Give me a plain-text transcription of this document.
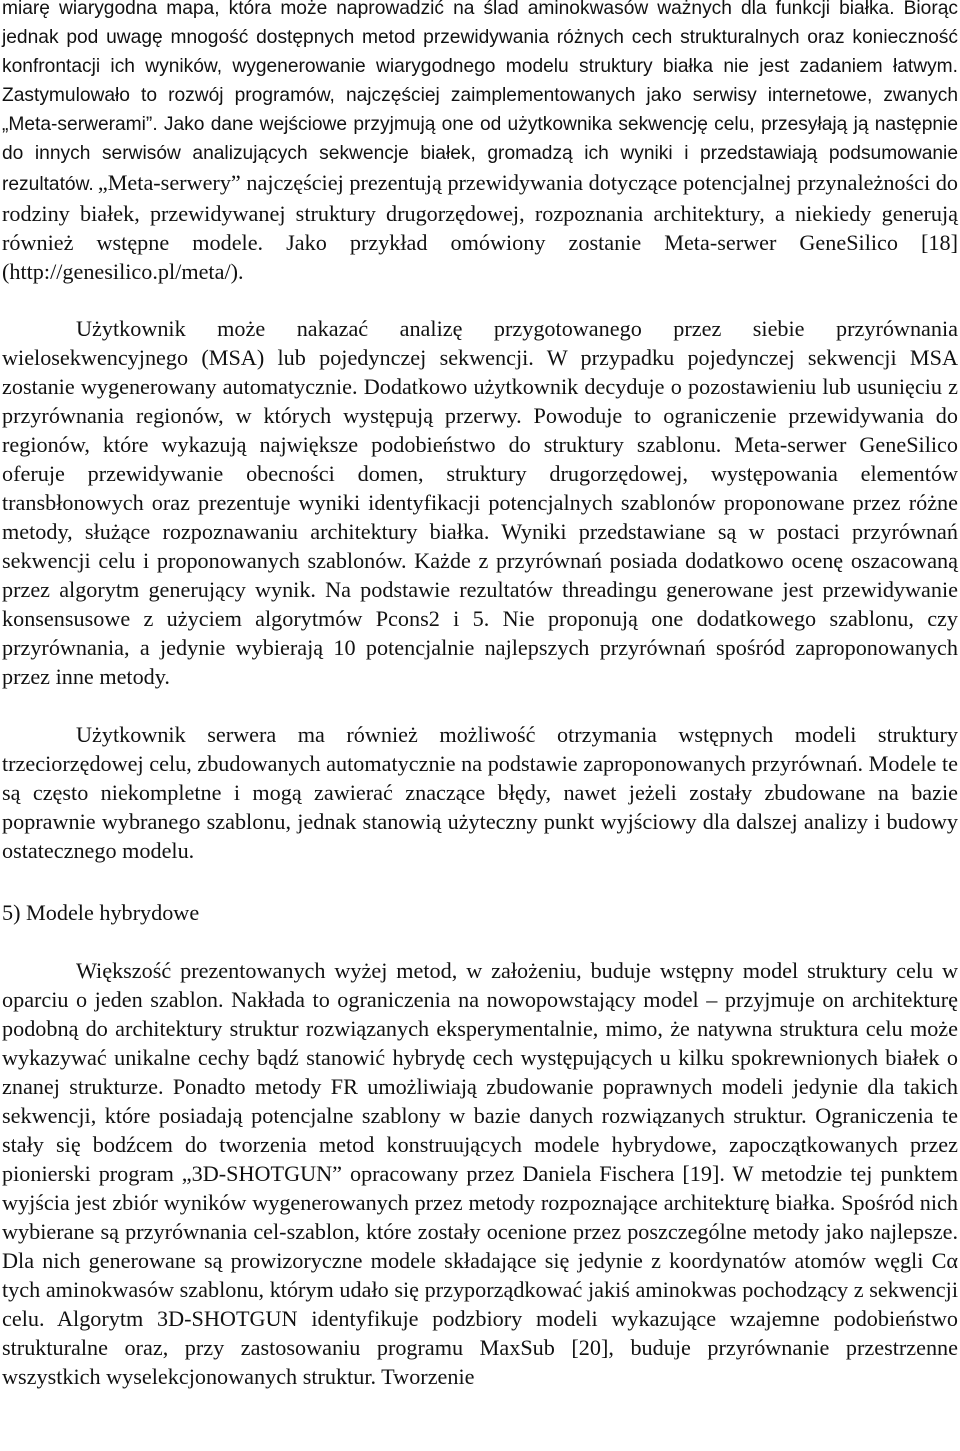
miarę wiarygodna mapa, która może naprowadzić na ślad aminokwasów ważnych dla funkcji białka. Biorąc jednak pod uwagę mnogość dostępnych metod przewidywania różnych cech strukturalnych oraz konieczność konfrontacji ich wyników, wygenerowanie wiarygodnego modelu struktury białka nie jest zadaniem łatwym. Zastymulowało to rozwój programów, najczęściej zaimplementowanych jako serwisy internetowe, zwanych „Meta-serwerami”. Jako dane wejściowe przyjmują one od użytkownika sekwencję celu, przesyłają ją następnie do innych serwisów analizujących sekwencje białek, gromadzą ich wyniki i przedstawiają podsumowanie rezultatów. „Meta-serwery” najczęściej prezentują przewidywania dotyczące potencjalnej przynależności do rodziny białek, przewidywanej struktury drugorzędowej, rozpoznania architektury, a niekiedy generują również wstępne modele. Jako przykład omówiony zostanie Meta-serwer GeneSilico [18] (http://genesilico.pl/meta/).

Użytkownik może nakazać analizę przygotowanego przez siebie przyrównania wielosekwencyjnego (MSA) lub pojedynczej sekwencji. W przypadku pojedynczej sekwencji MSA zostanie wygenerowany automatycznie. Dodatkowo użytkownik decyduje o pozostawieniu lub usunięciu z przyrównania regionów, w których występują przerwy. Powoduje to ograniczenie przewidywania do regionów, które wykazują największe podobieństwo do struktury szablonu. Meta-serwer GeneSilico oferuje przewidywanie obecności domen, struktury drugorzędowej, występowania elementów transbłonowych oraz prezentuje wyniki identyfikacji potencjalnych szablonów proponowane przez różne metody, służące rozpoznawaniu architektury białka. Wyniki przedstawiane są w postaci przyrównań sekwencji celu i proponowanych szablonów. Każde z przyrównań posiada dodatkowo ocenę oszacowaną przez algorytm generujący wynik. Na podstawie rezultatów threadingu generowane jest przewidywanie konsensusowe z użyciem algorytmów Pcons2 i 5. Nie proponują one dodatkowego szablonu, czy przyrównania, a jedynie wybierają 10 potencjalnie najlepszych przyrównań spośród zaproponowanych przez inne metody.

Użytkownik serwera ma również możliwość otrzymania wstępnych modeli struktury trzeciorzędowej celu, zbudowanych automatycznie na podstawie zaproponowanych przyrównań. Modele te są często niekompletne i mogą zawierać znaczące błędy, nawet jeżeli zostały zbudowane na bazie poprawnie wybranego szablonu, jednak stanowią użyteczny punkt wyjściowy dla dalszej analizy i budowy ostatecznego modelu.

5) Modele hybrydowe

Większość prezentowanych wyżej metod, w założeniu, buduje wstępny model struktury celu w oparciu o jeden szablon. Nakłada to ograniczenia na nowopowstający model – przyjmuje on architekturę podobną do architektury struktur rozwiązanych eksperymentalnie, mimo, że natywna struktura celu może wykazywać unikalne cechy bądź stanowić hybrydę cech występujących u kilku spokrewnionych białek o znanej strukturze. Ponadto metody FR umożliwiają zbudowanie poprawnych modeli jedynie dla takich sekwencji, które posiadają potencjalne szablony w bazie danych rozwiązanych struktur. Ograniczenia te stały się bodźcem do tworzenia metod konstruujących modele hybrydowe, zapoczątkowanych przez pionierski program „3D-SHOTGUN” opracowany przez Daniela Fischera [19]. W metodzie tej punktem wyjścia jest zbiór wyników wygenerowanych przez metody rozpoznające architekturę białka. Spośród nich wybierane są przyrównania cel-szablon, które zostały ocenione przez poszczególne metody jako najlepsze. Dla nich generowane są prowizoryczne modele składające się jedynie z koordynatów atomów węgli Cα tych aminokwasów szablonu, którym udało się przyporządkować jakiś aminokwas pochodzący z sekwencji celu. Algorytm 3D-SHOTGUN identyfikuje podzbiory modeli wykazujące wzajemne podobieństwo strukturalne oraz, przy zastosowaniu programu MaxSub [20], buduje przyrównanie przestrzenne wszystkich wyselekcjonowanych struktur. Tworzenie
